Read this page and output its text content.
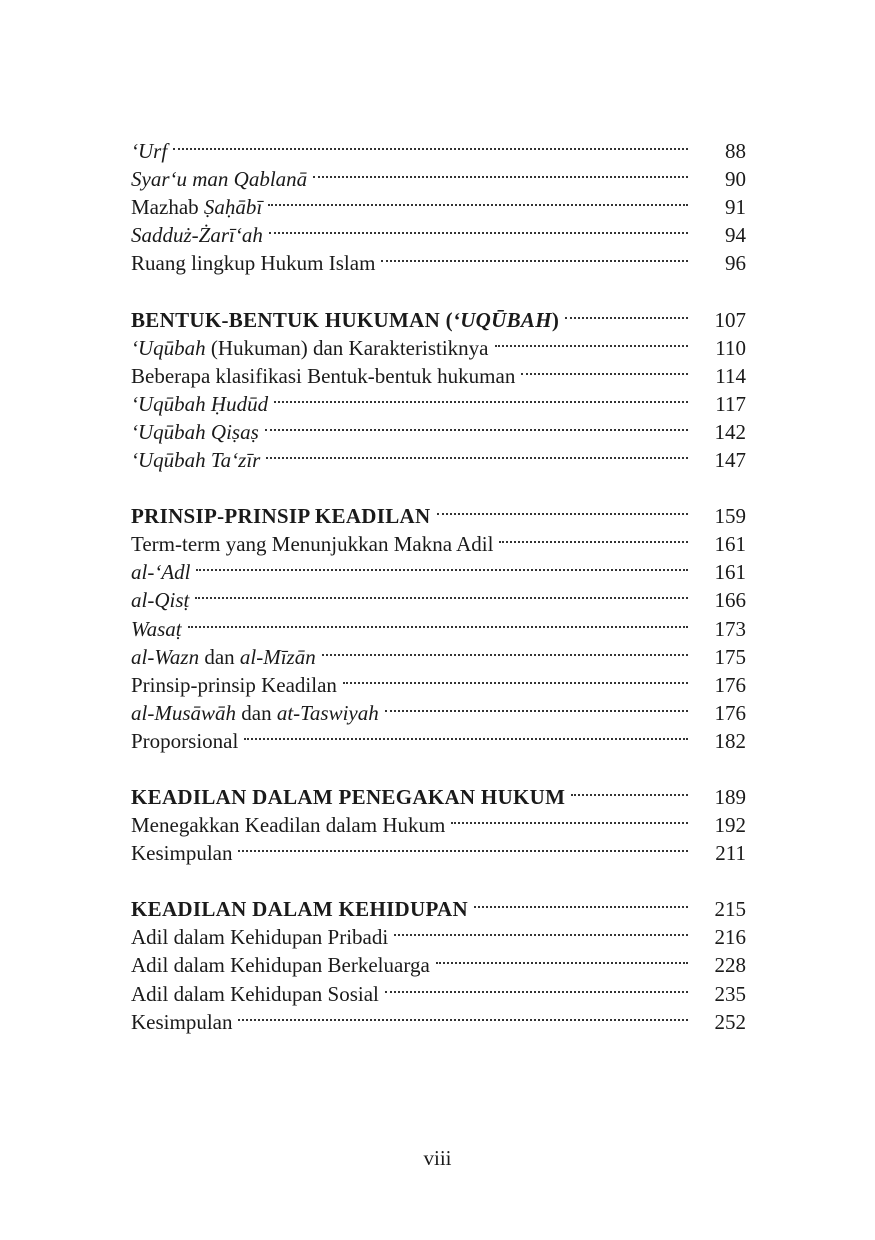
‘Urf	88
Syar‘u man Qablanā	90
Mazhab Ṣaḥābī	91
Sadduż-Żarī‘ah	94
Ruang lingkup Hukum Islam	96
BENTUK-BENTUK HUKUMAN (‘UQŪBAH)	107
‘Uqūbah (Hukuman) dan Karakteristiknya	110
Beberapa klasifikasi Bentuk-bentuk hukuman	114
‘Uqūbah Ḥudūd	117
‘Uqūbah Qiṣaṣ	142
‘Uqūbah Ta‘zīr	147
PRINSIP-PRINSIP KEADILAN	159
Term-term yang Menunjukkan Makna Adil	161
al-‘Adl	161
al-Qisṭ	166
Wasaṭ	173
al-Wazn dan al-Mīzān	175
Prinsip-prinsip Keadilan	176
al-Musāwāh dan at-Taswiyah	176
Proporsional	182
KEADILAN DALAM PENEGAKAN HUKUM	189
Menegakkan Keadilan dalam Hukum	192
Kesimpulan	211
KEADILAN DALAM KEHIDUPAN	215
Adil dalam Kehidupan Pribadi	216
Adil dalam Kehidupan Berkeluarga	228
Adil dalam Kehidupan Sosial	235
Kesimpulan	252
viii
